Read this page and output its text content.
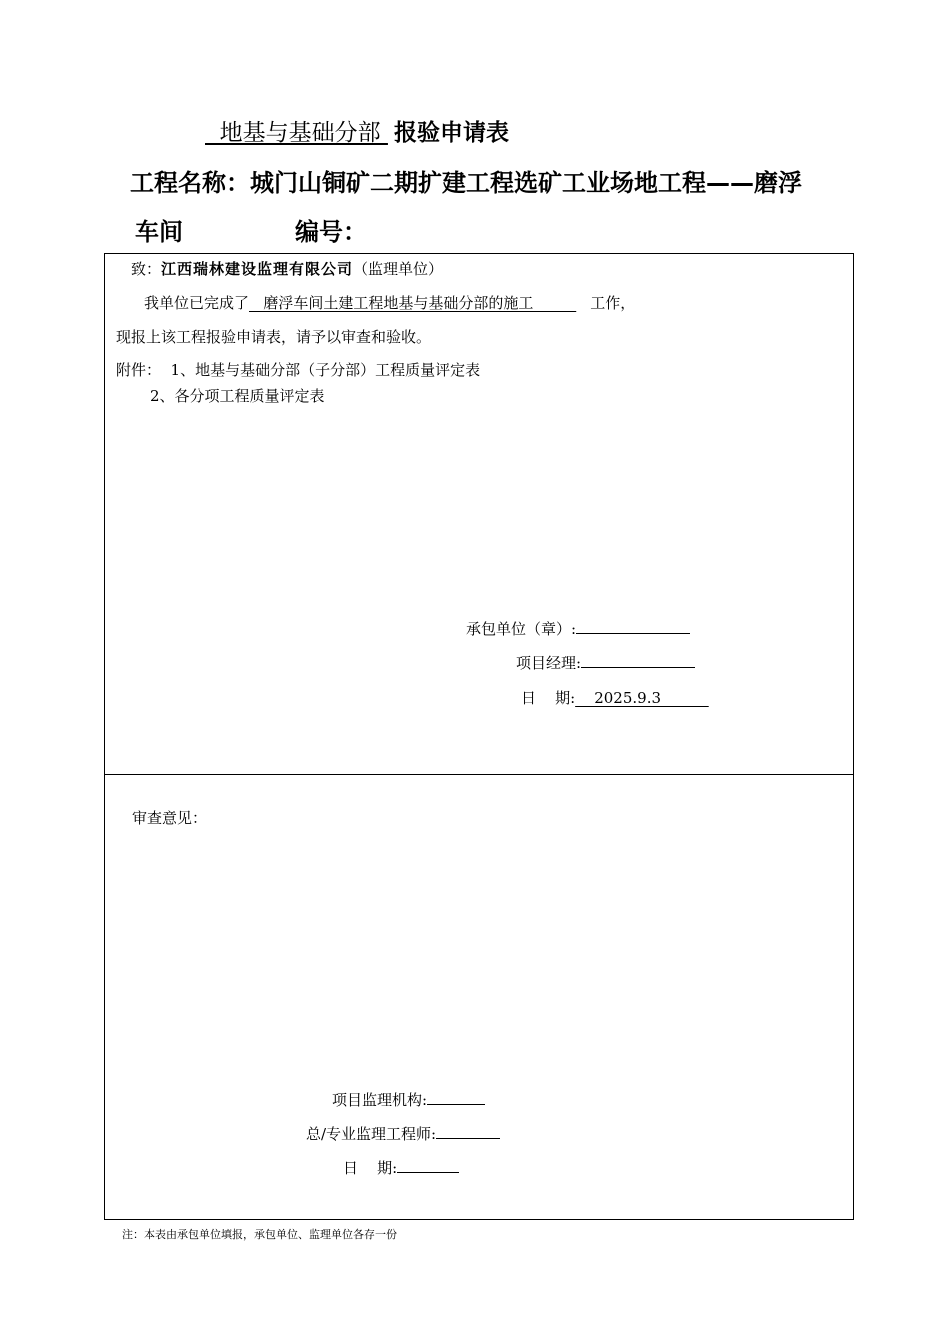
地基与基础分部 报验申请表
工程名称：城门山铜矿二期扩建工程选矿工业场地工程——磨浮
车间	编号：
致：江西瑞林建设监理有限公司（监理单位）
我单位已完成了   磨浮车间土建工程地基与基础分部的施工         工作，
现报上该工程报验申请表，请予以审查和验收。
附件：  1、地基与基础分部（子分部）工程质量评定表
2、各分项工程质量评定表
承包单位（章）:
项目经理:
日    期:    2025.9.3
审查意见：
项目监理机构:
总/专业监理工程师:
日    期:
注：本表由承包单位填报，承包单位、监理单位各存一份
